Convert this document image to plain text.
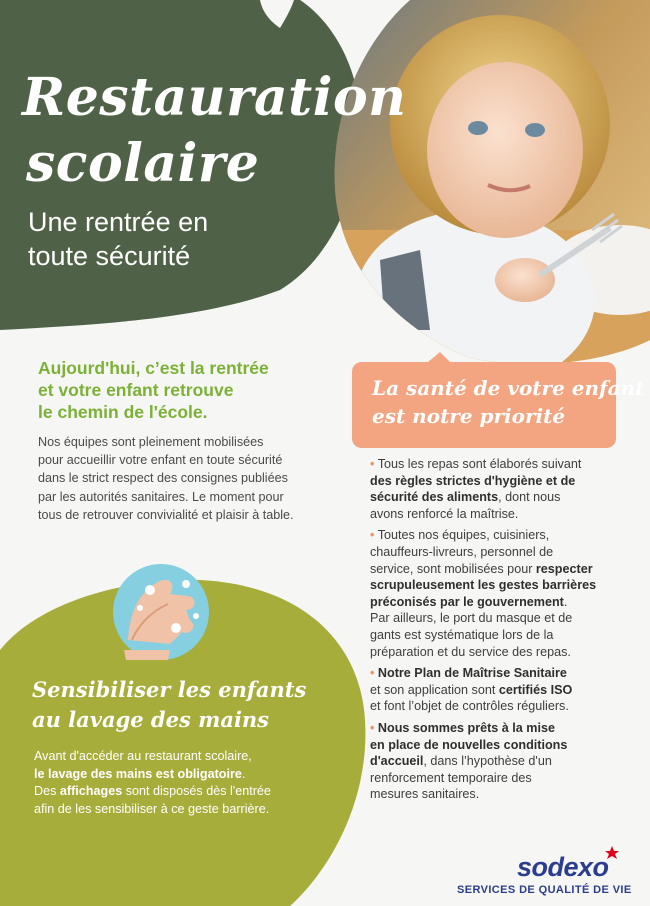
Restauration
scolaire
Une rentrée en
toute sécurité
Aujourd'hui, c’est la rentrée
et votre enfant retrouve
le chemin de l'école.
Nos équipes sont pleinement mobilisées
pour accueillir votre enfant en toute sécurité
dans le strict respect des consignes publiées
par les autorités sanitaires. Le moment pour
tous de retrouver convivialité et plaisir à table.
La santé de votre enfant
est notre priorité
• Tous les repas sont élaborés suivant
des règles strictes d'hygiène et de
sécurité des aliments, dont nous
avons renforcé la maîtrise.
• Toutes nos équipes, cuisiniers,
chauffeurs-livreurs, personnel de
service, sont mobilisées pour respecter
scrupuleusement les gestes barrières
préconisés par le gouvernement.
Par ailleurs, le port du masque et de
gants est systématique lors de la
préparation et du service des repas.
• Notre Plan de Maîtrise Sanitaire
et son application sont certifiés ISO
et font l’objet de contrôles réguliers.
• Nous sommes prêts à la mise
en place de nouvelles conditions
d'accueil, dans l’hypothèse d'un
renforcement temporaire des
mesures sanitaires.
Sensibiliser les enfants
au lavage des mains
Avant d'accéder au restaurant scolaire,
le lavage des mains est obligatoire.
Des affichages sont disposés dès l'entrée
afin de les sensibiliser à ce geste barrière.
sodexo
SERVICES DE QUALITÉ DE VIE
